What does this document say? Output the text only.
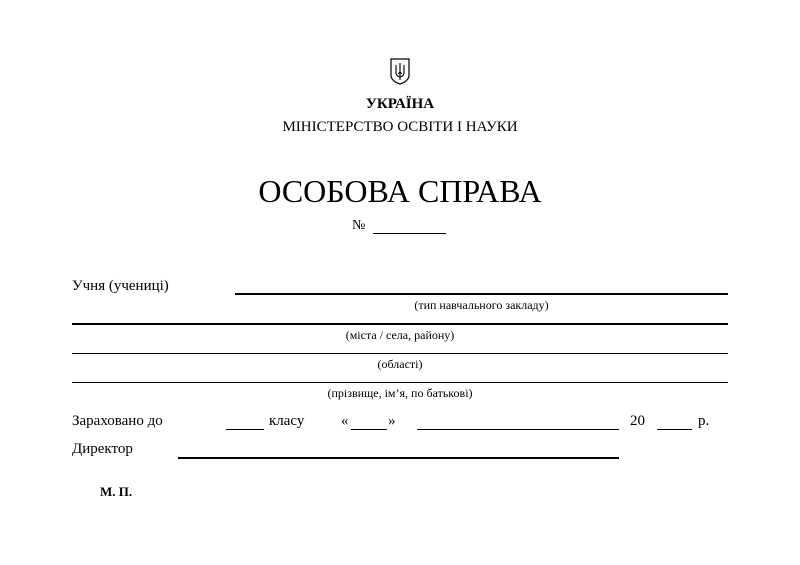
УКРАЇНА
МІНІСТЕРСТВО ОСВІТИ І НАУКИ
ОСОБОВА СПРАВА
№
Учня (учениці)
(тип навчального закладу)
(міста / села, району)
(області)
(прізвище, ім’я, по батькові)
Зараховано до	класу «	»	20	р.
Директор
М. П.
